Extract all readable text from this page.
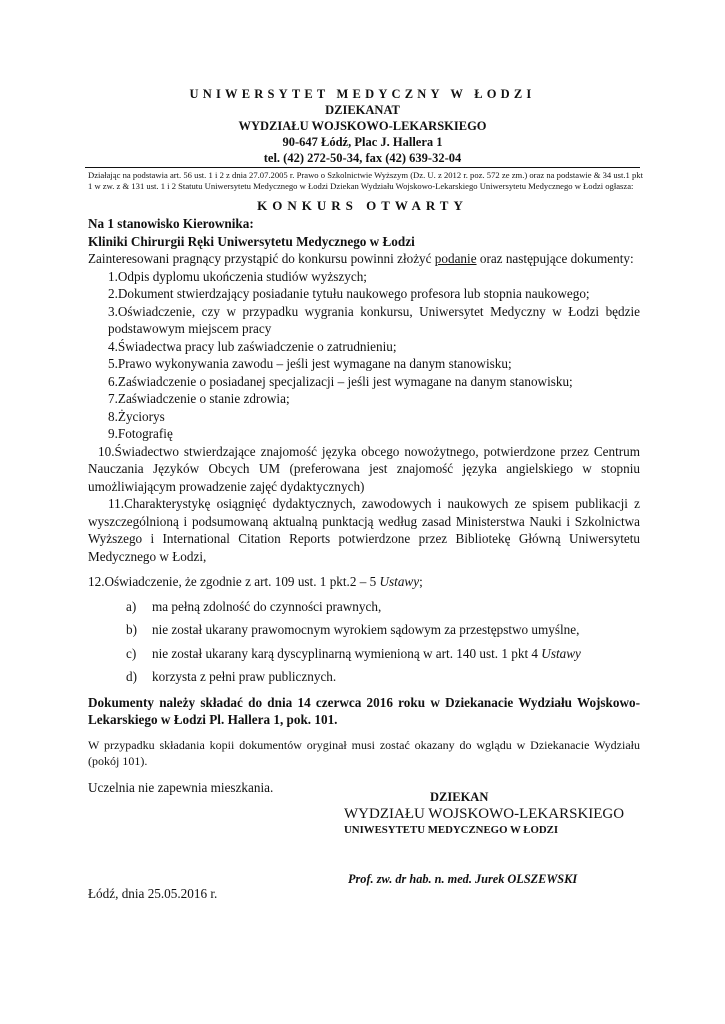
UNIWERSYTET MEDYCZNY W ŁODZI
DZIEKANAT
WYDZIAŁU WOJSKOWO-LEKARSKIEGO
90-647 Łódź, Plac J. Hallera 1
tel. (42) 272-50-34, fax (42) 639-32-04
Działając na podstawia art. 56 ust. 1 i 2 z dnia 27.07.2005 r. Prawo o Szkolnictwie Wyższym (Dz. U. z 2012 r. poz. 572 ze zm.) oraz na podstawie & 34 ust.1 pkt 1 w zw. z & 131 ust. 1 i 2 Statutu Uniwersytetu Medycznego w Łodzi Dziekan Wydziału Wojskowo-Lekarskiego Uniwersytetu Medycznego w Łodzi ogłasza:
KONKURS OTWARTY
Na 1 stanowisko Kierownika:
Kliniki Chirurgii Ręki Uniwersytetu Medycznego w Łodzi
Zainteresowani pragnący przystąpić do konkursu powinni złożyć podanie oraz następujące dokumenty:
1.Odpis dyplomu ukończenia studiów wyższych;
2.Dokument stwierdzający posiadanie tytułu naukowego profesora lub stopnia naukowego;
3.Oświadczenie, czy w przypadku wygrania konkursu, Uniwersytet Medyczny w Łodzi będzie podstawowym miejscem pracy
4.Świadectwa pracy lub zaświadczenie o zatrudnieniu;
5.Prawo wykonywania zawodu – jeśli jest wymagane na danym stanowisku;
6.Zaświadczenie o posiadanej specjalizacji – jeśli jest wymagane na danym stanowisku;
7.Zaświadczenie o stanie zdrowia;
8.Życiorys
9.Fotografię
10.Świadectwo stwierdzające znajomość języka obcego nowożytnego, potwierdzone przez Centrum Nauczania Języków Obcych UM (preferowana jest znajomość języka angielskiego w stopniu umożliwiającym prowadzenie zajęć dydaktycznych)
11.Charakterystykę osiągnięć dydaktycznych, zawodowych i naukowych ze spisem publikacji z wyszczególnioną i podsumowaną aktualną punktacją według zasad Ministerstwa Nauki i Szkolnictwa Wyższego i International Citation Reports potwierdzone przez Bibliotekę Główną Uniwersytetu Medycznego w Łodzi,
12.Oświadczenie, że zgodnie z art. 109 ust. 1 pkt.2 – 5 Ustawy;
a) ma pełną zdolność do czynności prawnych,
b) nie został ukarany prawomocnym wyrokiem sądowym za przestępstwo umyślne,
c) nie został ukarany karą dyscyplinarną wymienioną w art. 140 ust. 1 pkt 4 Ustawy
d) korzysta z pełni praw publicznych.
Dokumenty należy składać do dnia 14 czerwca 2016 roku w Dziekanacie Wydziału Wojskowo-Lekarskiego w Łodzi Pl. Hallera 1, pok. 101.
W przypadku składania kopii dokumentów oryginał musi zostać okazany do wglądu w Dziekanacie Wydziału (pokój 101).
Uczelnia nie zapewnia mieszkania.
DZIEKAN
WYDZIAŁU WOJSKOWO-LEKARSKIEGO
UNIWESYTETU MEDYCZNEGO W ŁODZI
Prof. zw. dr hab. n. med. Jurek OLSZEWSKI
Łódź, dnia 25.05.2016 r.
